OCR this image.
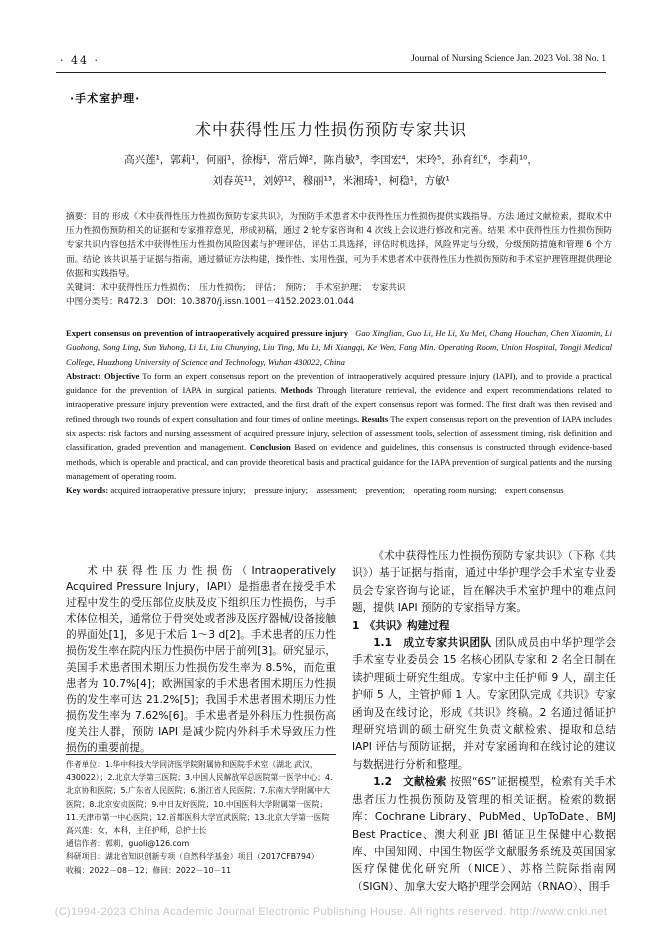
· 44 ·	Journal of Nursing Science Jan. 2023 Vol. 38 No. 1
·手术室护理·
术中获得性压力性损伤预防专家共识
高兴莲¹，郭莉¹，何丽¹，徐梅¹，常后婵²，陈肖敏³，李国宏⁴，宋玲⁵，孙育红⁶，李莉¹⁰，
刘春英¹¹，刘婷¹²，穆丽¹³，米湘琦¹，柯稳¹，方敏¹

摘要：目的 形成《术中获得性压力性损伤预防专家共识》，为预防手术患者术中获得性压力性损伤提供实践指导。方法 通过文献检索，提取术中压力性损伤预防相关的证据和专家推荐意见，形成初稿，通过 2 轮专家咨询和 4 次线上会议进行修改和完善。结果 术中获得性压力性损伤预防专家共识内容包括术中获得性压力性损伤风险因素与护理评估，评估工具选择，评估时机选择，风险界定与分级，分级预防措施和管理 6 个方面。结论 该共识基于证据与指南，通过循证方法构建，操作性、实用性强，可为手术患者术中获得性压力性损伤预防和手术室护理管理提供理论依据和实践指导。

关键词：术中获得性压力性损伤；　压力性损伤；　评估；　预防；　手术室护理；　专家共识

中图分类号：R472.3　DOI：10.3870/j.issn.1001－4152.2023.01.044

Expert consensus on prevention of intraoperatively acquired pressure injury Gao Xinglian, Guo Li, He Li, Xu Mei, Chang Houchan, Chen Xiaomin, Li Guohong, Song Ling, Sun Yuhong, Li Li, Liu Chunying, Liu Ting, Mu Li, Mi Xiangqi, Ke Wen, Fang Min. Operating Room, Union Hospital, Tongji Medical College, Huazhong University of Science and Technology, Wuhan 430022, China

Abstract: Objective To form an expert consensus report on the prevention of intraoperatively acquired pressure injury (IAPI), and to provide a practical guidance for the prevention of IAPA in surgical patients. Methods Through literature retrieval, the evidence and expert recommendations related to intraoperative pressure injury prevention were extracted, and the first draft of the expert consensus report was formed. The first draft was then revised and refined through two rounds of expert consultation and four times of online meetings. Results The expert consensus report on the prevention of IAPA includes six aspects: risk factors and nursing assessment of acquired pressure injury, selection of assessment tools, selection of assessment timing, risk definition and classification, graded prevention and management. Conclusion Based on evidence and guidelines, this consensus is constructed through evidence-based methods, which is operable and practical, and can provide theoretical basis and practical guidance for the IAPA prevention of surgical patients and the nursing management of operating room.

Key words: acquired intraoperative pressure injury;　pressure injury;　assessment;　prevention;　operating room nursing;　expert consensus

术中获得性压力性损伤（Intraoperatively Acquired Pressure Injury，IAPI）是指患者在接受手术过程中发生的受压部位皮肤及皮下组织压力性损伤，与手术体位相关，通常位于骨突处或者涉及医疗器械/设备接触的界面处[1]，多见于术后 1～3 d[2]。手术患者的压力性损伤发生率在院内压力性损伤中居于前列[3]。研究显示，美国手术患者围术期压力性损伤发生率为 8.5%，而危重患者为 10.7%[4]；欧洲国家的手术患者围术期压力性损伤的发生率可达 21.2%[5]；我国手术患者围术期压力性损伤发生率为 7.62%[6]。手术患者是外科压力性损伤高度关注人群，预防 IAPI 是减少院内外科手术导致压力性损伤的重要前提。

作者单位：1.华中科技大学同济医学院附属协和医院手术室（湖北 武汉，430022）；2.北京大学第三医院；3.中国人民解放军总医院第一医学中心；4.北京协和医院；5.广东省人民医院；6.浙江省人民医院；7.东南大学附属中大医院；8.北京安贞医院；9.中日友好医院；10.中国医科大学附属第一医院；11.天津市第一中心医院；12.首都医科大学宣武医院；13.北京大学第一医院

高兴莲：女，本科，主任护师，总护士长

通信作者：郭莉，guoli@126.com

科研项目：湖北省知识创新专项（自然科学基金）项目（2017CFB794）

收稿：2022－08－12；修回：2022－10－11

《术中获得性压力性损伤预防专家共识》（下称《共识》）基于证据与指南，通过中华护理学会手术室专业委员会专家咨询与论证，旨在解决手术室护理中的难点问题，提供 IAPI 预防的专家指导方案。

1　《共识》构建过程

1.1　成立专家共识团队 团队成员由中华护理学会手术室专业委员会 15 名核心团队专家和 2 名全日制在读护理硕士研究生组成。专家中主任护师 9 人，副主任护师 5 人，主管护师 1 人。专家团队完成《共识》专家函询及在线讨论，形成《共识》终稿。2 名通过循证护理研究培训的硕士研究生负责文献检索、提取和总结 IAPI 评估与预防证据，并对专家函询和在线讨论的建议与数据进行分析和整理。

1.2　文献检索 按照“6S”证据模型，检索有关手术患者压力性损伤预防及管理的相关证据。检索的数据库：Cochrane Library、PubMed、UpToDate、BMJ Best Practice、澳大利亚 JBI 循证卫生保健中心数据库、中国知网、中国生物医学文献服务系统及英国国家医疗保健优化研究所（NICE）、苏格兰院际指南网（SIGN）、加拿大安大略护理学会网站（RNAO）、围手

(C)1994-2023 China Academic Journal Electronic Publishing House. All rights reserved. http://www.cnki.net
